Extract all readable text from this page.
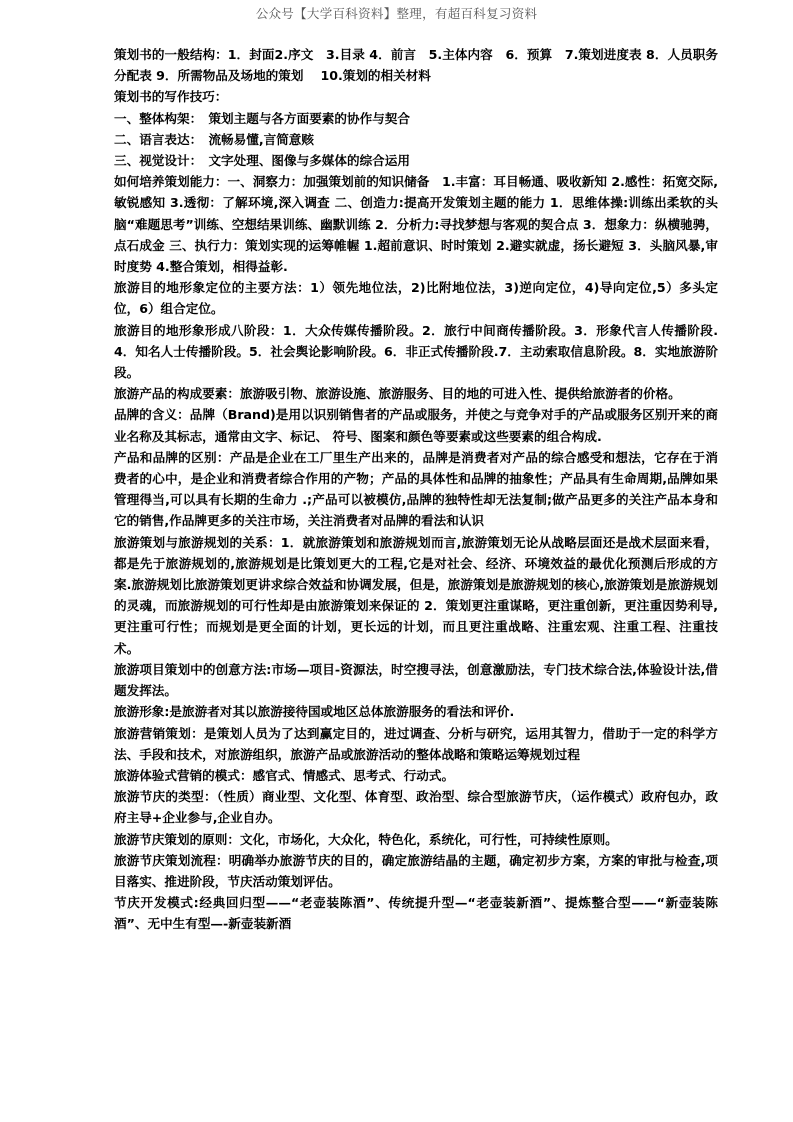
公众号【大学百科资料】整理，有超百科复习资料

策划书的一般结构：1．封面2.序文　3.目录 4．前言　5.主体内容　6．预算　7.策划进度表 8．人员职务分配表 9．所需物品及场地的策划　 10.策划的相关材料

策划书的写作技巧：

一、整体构架：　策划主题与各方面要素的协作与契合

二、语言表达：　流畅易懂,言简意赅

三、视觉设计：　文字处理、图像与多媒体的综合运用

如何培养策划能力：一、洞察力：加强策划前的知识储备　1.丰富：耳目畅通、吸收新知 2.感性：拓宽交际,敏锐感知 3.透彻：了解环境,深入调查 二、创造力:提高开发策划主题的能力 1．思维体操:训练出柔软的头脑“难题思考”训练、空想结果训练、幽默训练 2．分析力:寻找梦想与客观的契合点 3．想象力：纵横驰骋，点石成金 三、执行力：策划实现的运筹帷幄 1.超前意识、时时策划 2.避实就虚，扬长避短 3．头脑风暴,审时度势 4.整合策划，相得益彰.

旅游目的地形象定位的主要方法：1）领先地位法，2)比附地位法，3)逆向定位，4)导向定位,5）多头定位，6）组合定位。

旅游目的地形象形成八阶段：1．大众传媒传播阶段。2．旅行中间商传播阶段。3．形象代言人传播阶段.4．知名人士传播阶段。5．社会舆论影响阶段。6．非正式传播阶段.7．主动索取信息阶段。8．实地旅游阶段。

旅游产品的构成要素：旅游吸引物、旅游设施、旅游服务、目的地的可进入性、提供给旅游者的价格。

品牌的含义：品牌（Brand)是用以识别销售者的产品或服务，并使之与竞争对手的产品或服务区别开来的商业名称及其标志，通常由文字、标记、 符号、图案和颜色等要素或这些要素的组合构成.

产品和品牌的区别：产品是企业在工厂里生产出来的，品牌是消费者对产品的综合感受和想法，它存在于消费者的心中，是企业和消费者综合作用的产物；产品的具体性和品牌的抽象性；产品具有生命周期,品牌如果管理得当,可以具有长期的生命力 .;产品可以被模仿,品牌的独特性却无法复制;做产品更多的关注产品本身和它的销售,作品牌更多的关注市场，关注消费者对品牌的看法和认识

旅游策划与旅游规划的关系：1．就旅游策划和旅游规划而言,旅游策划无论从战略层面还是战术层面来看，都是先于旅游规划的,旅游规划是比策划更大的工程,它是对社会、经济、环境效益的最优化预测后形成的方案.旅游规划比旅游策划更讲求综合效益和协调发展，但是，旅游策划是旅游规划的核心,旅游策划是旅游规划的灵魂，而旅游规划的可行性却是由旅游策划来保证的 2．策划更注重谋略，更注重创新，更注重因势利导,更注重可行性；而规划是更全面的计划，更长远的计划，而且更注重战略、注重宏观、注重工程、注重技术。

旅游项目策划中的创意方法:市场—项目-资源法，时空搜寻法，创意激励法，专门技术综合法,体验设计法,借题发挥法。

旅游形象:是旅游者对其以旅游接待国或地区总体旅游服务的看法和评价.

旅游营销策划：是策划人员为了达到赢定目的，进过调查、分析与研究，运用其智力，借助于一定的科学方法、手段和技术，对旅游组织，旅游产品或旅游活动的整体战略和策略运筹规划过程

旅游体验式营销的模式：感官式、情感式、思考式、行动式。

旅游节庆的类型：（性质）商业型、文化型、体育型、政治型、综合型旅游节庆，（运作模式）政府包办，政府主导+企业参与,企业自办。

旅游节庆策划的原则：文化，市场化，大众化，特色化，系统化，可行性，可持续性原则。

旅游节庆策划流程：明确举办旅游节庆的目的，确定旅游结晶的主题，确定初步方案，方案的审批与检查,项目落实、推进阶段，节庆活动策划评估。

节庆开发模式:经典回归型——“老壶装陈酒”、传统提升型—“老壶装新酒”、提炼整合型——“新壶装陈酒”、无中生有型—-新壶装新酒
